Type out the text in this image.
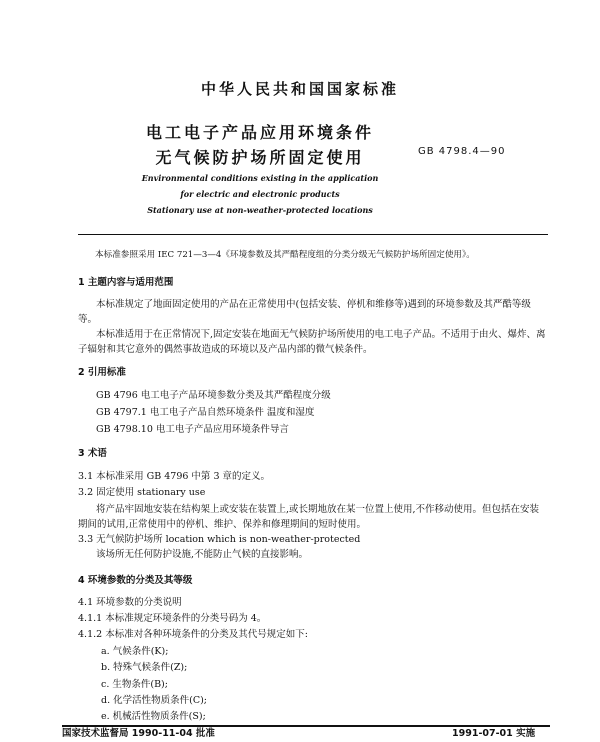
中华人民共和国国家标准
电工电子产品应用环境条件
无气候防护场所固定使用	GB 4798.4—90
Environmental conditions existing in the application
for electric and electronic products
Stationary use at non-weather-protected locations
本标准参照采用 IEC 721—3—4《环境参数及其严酷程度组的分类分级无气候防护场所固定使用》。
1 主题内容与适用范围
本标准规定了地面固定使用的产品在正常使用中(包括安装、停机和维修等)遇到的环境参数及其严酷等级等。
本标准适用于在正常情况下,固定安装在地面无气候防护场所使用的电工电子产品。不适用于由火、爆炸、离子辐射和其它意外的偶然事故造成的环境以及产品内部的微气候条件。
2 引用标准
GB 4796 电工电子产品环境参数分类及其严酷程度分级
GB 4797.1 电工电子产品自然环境条件 温度和湿度
GB 4798.10 电工电子产品应用环境条件导言
3 术语
3.1 本标准采用 GB 4796 中第 3 章的定义。
3.2 固定使用 stationary use
将产品牢固地安装在结构架上或安装在装置上,或长期地放在某一位置上使用,不作移动使用。但包括在安装期间的试用,正常使用中的停机、维护、保养和修理期间的短时使用。
3.3 无气候防护场所 location which is non-weather-protected
该场所无任何防护设施,不能防止气候的直接影响。
4 环境参数的分类及其等级
4.1 环境参数的分类说明
4.1.1 本标准规定环境条件的分类号码为 4。
4.1.2 本标准对各种环境条件的分类及其代号规定如下:
a. 气候条件(K);
b. 特殊气候条件(Z);
c. 生物条件(B);
d. 化学活性物质条件(C);
e. 机械活性物质条件(S);
国家技术监督局 1990-11-04 批准	1991-07-01 实施
